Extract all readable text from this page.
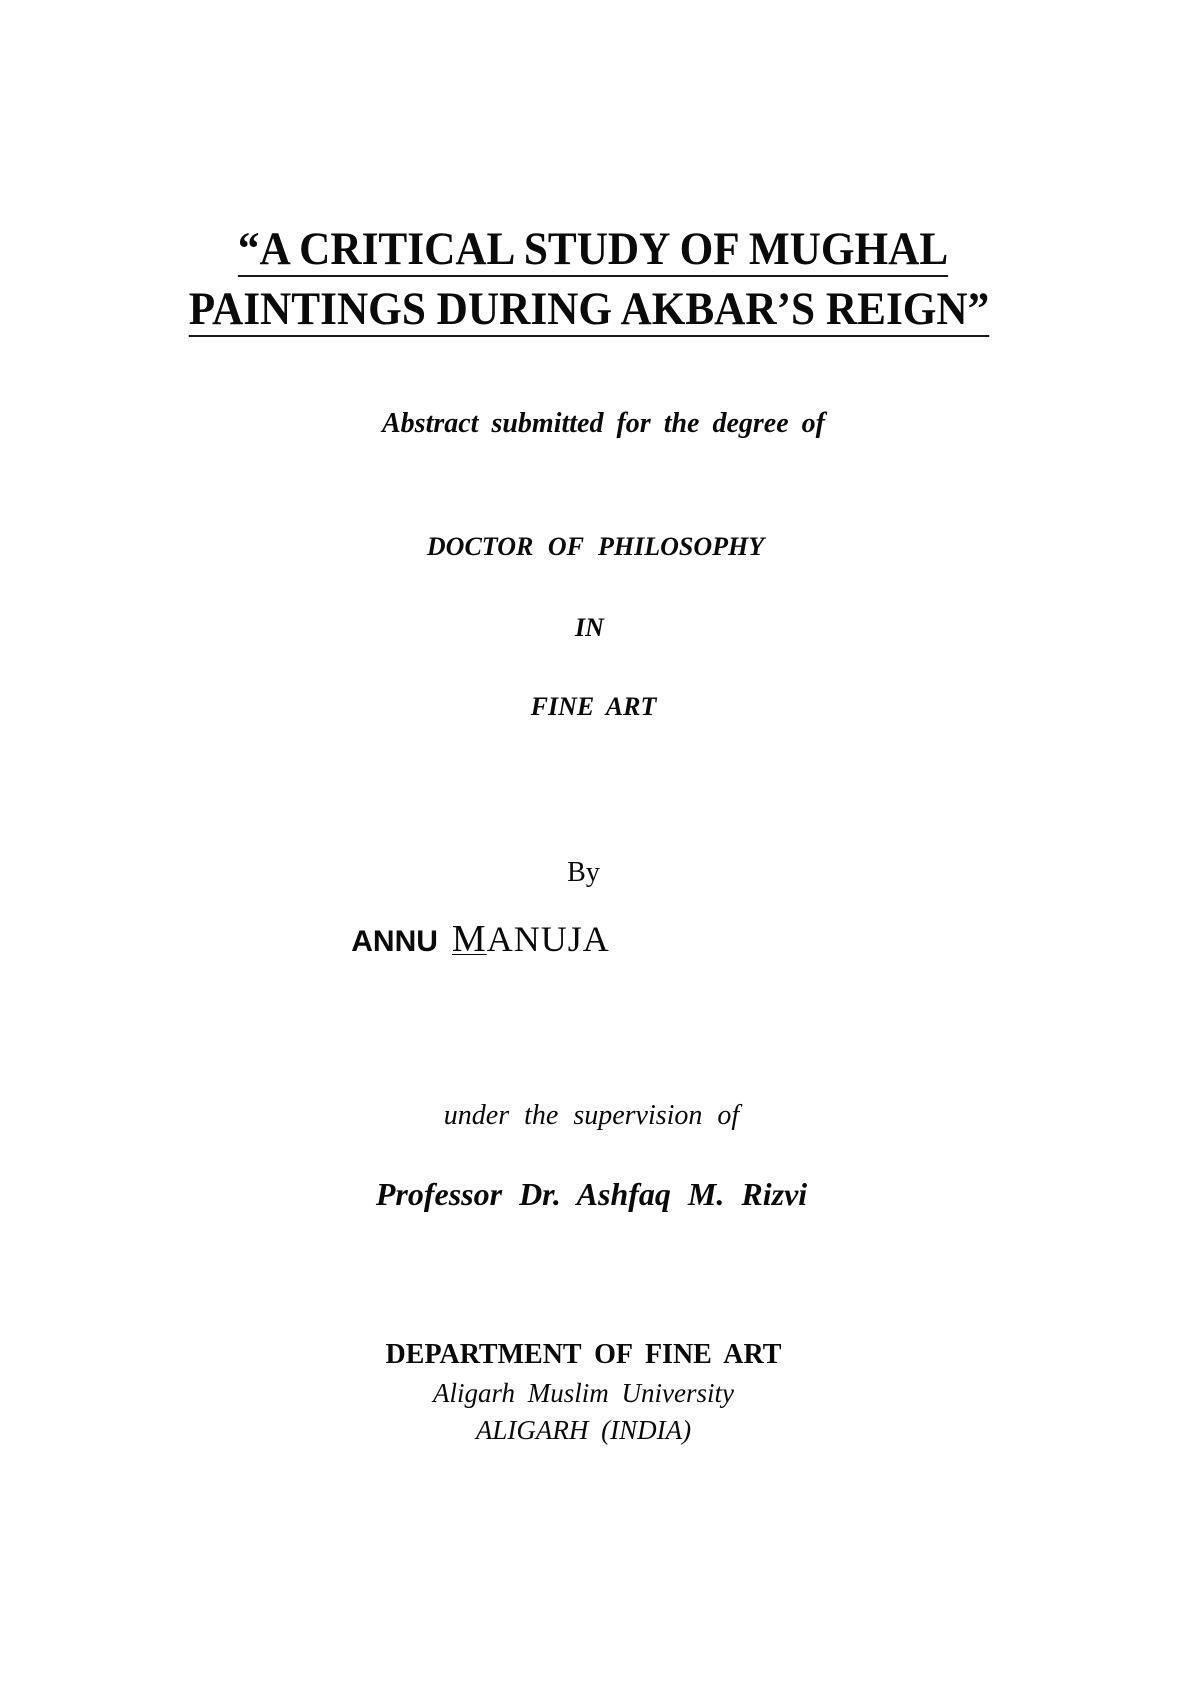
“A CRITICAL STUDY OF MUGHAL
PAINTINGS DURING AKBAR’S REIGN”
Abstract submitted for the degree of
DOCTOR OF PHILOSOPHY
IN
FINE ART
By
ANNU MANUJA
under the supervision of
Professor Dr. Ashfaq M. Rizvi
DEPARTMENT OF FINE ART
Aligarh Muslim University
ALIGARH (INDIA)
